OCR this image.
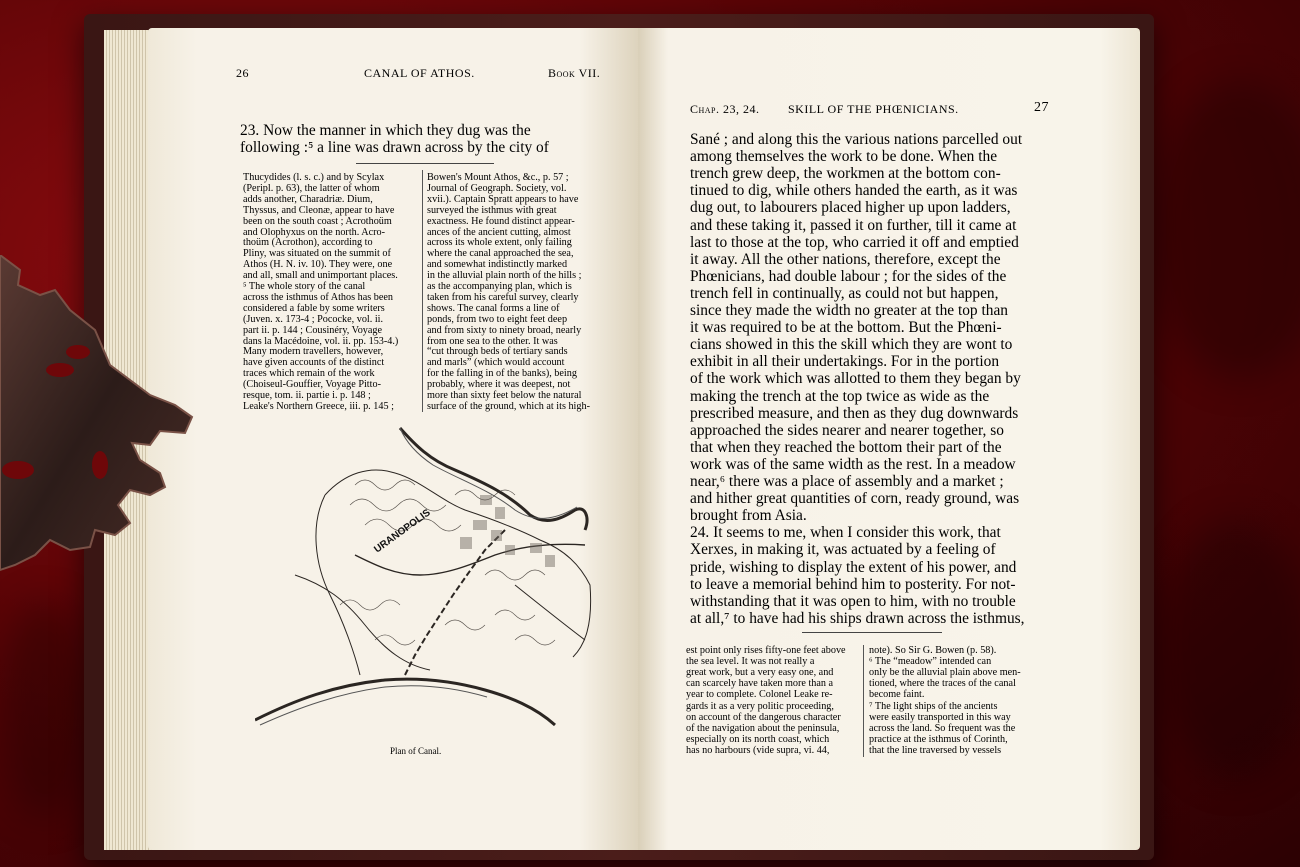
26	CANAL OF ATHOS.	Book VII.
23. Now the manner in which they dug was the
following :⁵ a line was drawn across by the city of
Thucydides (l. s. c.) and by Scylax
(Peripl. p. 63), the latter of whom
adds another, Charadriæ. Dium,
Thyssus, and Cleonæ, appear to have
been on the south coast ; Acrothoüm
and Olophyxus on the north. Acro-
thoüm (Acrothon), according to
Pliny, was situated on the summit of
Athos (H. N. iv. 10). They were, one
and all, small and unimportant places.
⁵ The whole story of the canal
across the isthmus of Athos has been
considered a fable by some writers
(Juven. x. 173-4 ; Pococke, vol. ii.
part ii. p. 144 ; Cousinéry, Voyage
dans la Macédoine, vol. ii. pp. 153-4.)
Many modern travellers, however,
have given accounts of the distinct
traces which remain of the work
(Choiseul-Gouffier, Voyage Pitto-
resque, tom. ii. partie i. p. 148 ;
Leake's Northern Greece, iii. p. 145 ;
Bowen's Mount Athos, &c., p. 57 ;
Journal of Geograph. Society, vol.
xvii.). Captain Spratt appears to have
surveyed the isthmus with great
exactness. He found distinct appear-
ances of the ancient cutting, almost
across its whole extent, only failing
where the canal approached the sea,
and somewhat indistinctly marked
in the alluvial plain north of the hills ;
as the accompanying plan, which is
taken from his careful survey, clearly
shows. The canal forms a line of
ponds, from two to eight feet deep
and from sixty to ninety broad, nearly
from one sea to the other. It was
“cut through beds of tertiary sands
and marls” (which would account
for the falling in of the banks), being
probably, where it was deepest, not
more than sixty feet below the natural
surface of the ground, which at its high-
URANOPOLIS
Plan of Canal.
Chap. 23, 24. SKILL OF THE PHŒNICIANS.	27
Sané ; and along this the various nations parcelled out
among themselves the work to be done. When the
trench grew deep, the workmen at the bottom con-
tinued to dig, while others handed the earth, as it was
dug out, to labourers placed higher up upon ladders,
and these taking it, passed it on further, till it came at
last to those at the top, who carried it off and emptied
it away. All the other nations, therefore, except the
Phœnicians, had double labour ; for the sides of the
trench fell in continually, as could not but happen,
since they made the width no greater at the top than
it was required to be at the bottom. But the Phœni-
cians showed in this the skill which they are wont to
exhibit in all their undertakings. For in the portion
of the work which was allotted to them they began by
making the trench at the top twice as wide as the
prescribed measure, and then as they dug downwards
approached the sides nearer and nearer together, so
that when they reached the bottom their part of the
work was of the same width as the rest. In a meadow
near,⁶ there was a place of assembly and a market ;
and hither great quantities of corn, ready ground, was
brought from Asia.
24. It seems to me, when I consider this work, that
Xerxes, in making it, was actuated by a feeling of
pride, wishing to display the extent of his power, and
to leave a memorial behind him to posterity. For not-
withstanding that it was open to him, with no trouble
at all,⁷ to have had his ships drawn across the isthmus,
est point only rises fifty-one feet above
the sea level. It was not really a
great work, but a very easy one, and
can scarcely have taken more than a
year to complete. Colonel Leake re-
gards it as a very politic proceeding,
on account of the dangerous character
of the navigation about the peninsula,
especially on its north coast, which
has no harbours (vide supra, vi. 44,
note). So Sir G. Bowen (p. 58).
⁶ The “meadow” intended can
only be the alluvial plain above men-
tioned, where the traces of the canal
become faint.
⁷ The light ships of the ancients
were easily transported in this way
across the land. So frequent was the
practice at the isthmus of Corinth,
that the line traversed by vessels
